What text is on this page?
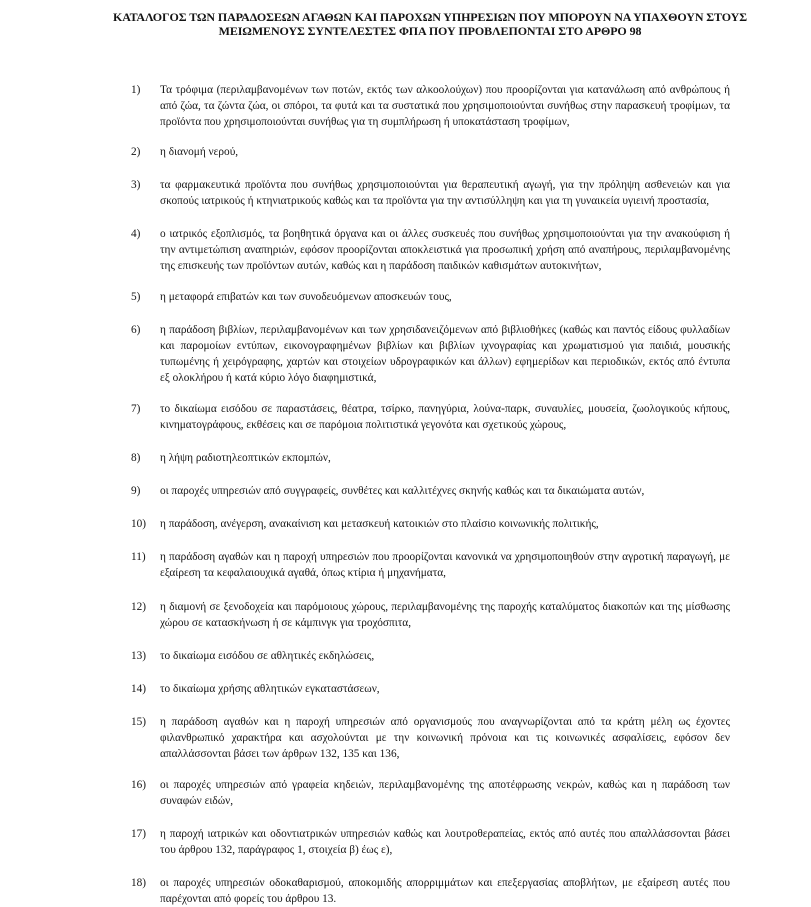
ΚΑΤΑΛΟΓΟΣ ΤΩΝ ΠΑΡΑΔΟΣΕΩΝ ΑΓΑΘΩΝ ΚΑΙ ΠΑΡΟΧΩΝ ΥΠΗΡΕΣΙΩΝ ΠΟΥ ΜΠΟΡΟΥΝ ΝΑ ΥΠΑΧΘΟΥΝ ΣΤΟΥΣ
ΜΕΙΩΜΕΝΟΥΣ ΣΥΝΤΕΛΕΣΤΕΣ ΦΠΑ ΠΟΥ ΠΡΟΒΛΕΠΟΝΤΑΙ ΣΤΟ ΑΡΘΡΟ 98
1) Τα τρόφιμα (περιλαμβανομένων των ποτών, εκτός των αλκοολούχων) που προορίζονται για κατανάλωση από ανθρώπους ή από ζώα, τα ζώντα ζώα, οι σπόροι, τα φυτά και τα συστατικά που χρησιμοποιούνται συνήθως στην παρασκευή τροφίμων, τα προϊόντα που χρησιμοποιούνται συνήθως για τη συμπλήρωση ή υποκατάσταση τροφίμων,
2) η διανομή νερού,
3) τα φαρμακευτικά προϊόντα που συνήθως χρησιμοποιούνται για θεραπευτική αγωγή, για την πρόληψη ασθενειών και για σκοπούς ιατρικούς ή κτηνιατρικούς καθώς και τα προϊόντα για την αντισύλληψη και για τη γυναικεία υγιεινή προστασία,
4) ο ιατρικός εξοπλισμός, τα βοηθητικά όργανα και οι άλλες συσκευές που συνήθως χρησιμοποιούνται για την ανακούφιση ή την αντιμετώπιση αναπηριών, εφόσον προορίζονται αποκλειστικά για προσωπική χρήση από αναπήρους, περιλαμβανομένης της επισκευής των προϊόντων αυτών, καθώς και η παράδοση παιδικών καθισμάτων αυτοκινήτων,
5) η μεταφορά επιβατών και των συνοδευόμενων αποσκευών τους,
6) η παράδοση βιβλίων, περιλαμβανομένων και των χρησιδανειζόμενων από βιβλιοθήκες (καθώς και παντός είδους φυλλαδίων και παρομοίων εντύπων, εικονογραφημένων βιβλίων και βιβλίων ιχνογραφίας και χρωματισμού για παιδιά, μουσικής τυπωμένης ή χειρόγραφης, χαρτών και στοιχείων υδρογραφικών και άλλων) εφημερίδων και περιοδικών, εκτός από έντυπα εξ ολοκλήρου ή κατά κύριο λόγο διαφημιστικά,
7) το δικαίωμα εισόδου σε παραστάσεις, θέατρα, τσίρκο, πανηγύρια, λούνα-παρκ, συναυλίες, μουσεία, ζωολογικούς κήπους, κινηματογράφους, εκθέσεις και σε παρόμοια πολιτιστικά γεγονότα και σχετικούς χώρους,
8) η λήψη ραδιοτηλεοπτικών εκπομπών,
9) οι παροχές υπηρεσιών από συγγραφείς, συνθέτες και καλλιτέχνες σκηνής καθώς και τα δικαιώματα αυτών,
10) η παράδοση, ανέγερση, ανακαίνιση και μετασκευή κατοικιών στο πλαίσιο κοινωνικής πολιτικής,
11) η παράδοση αγαθών και η παροχή υπηρεσιών που προορίζονται κανονικά να χρησιμοποιηθούν στην αγροτική παραγωγή, με εξαίρεση τα κεφαλαιουχικά αγαθά, όπως κτίρια ή μηχανήματα,
12) η διαμονή σε ξενοδοχεία και παρόμοιους χώρους, περιλαμβανομένης της παροχής καταλύματος διακοπών και της μίσθωσης χώρου σε κατασκήνωση ή σε κάμπινγκ για τροχόσπιτα,
13) το δικαίωμα εισόδου σε αθλητικές εκδηλώσεις,
14) το δικαίωμα χρήσης αθλητικών εγκαταστάσεων,
15) η παράδοση αγαθών και η παροχή υπηρεσιών από οργανισμούς που αναγνωρίζονται από τα κράτη μέλη ως έχοντες φιλανθρωπικό χαρακτήρα και ασχολούνται με την κοινωνική πρόνοια και τις κοινωνικές ασφαλίσεις, εφόσον δεν απαλλάσσονται βάσει των άρθρων 132, 135 και 136,
16) οι παροχές υπηρεσιών από γραφεία κηδειών, περιλαμβανομένης της αποτέφρωσης νεκρών, καθώς και η παράδοση των συναφών ειδών,
17) η παροχή ιατρικών και οδοντιατρικών υπηρεσιών καθώς και λουτροθεραπείας, εκτός από αυτές που απαλλάσσονται βάσει του άρθρου 132, παράγραφος 1, στοιχεία β) έως ε),
18) οι παροχές υπηρεσιών οδοκαθαρισμού, αποκομιδής απορριμμάτων και επεξεργασίας αποβλήτων, με εξαίρεση αυτές που παρέχονται από φορείς του άρθρου 13.
